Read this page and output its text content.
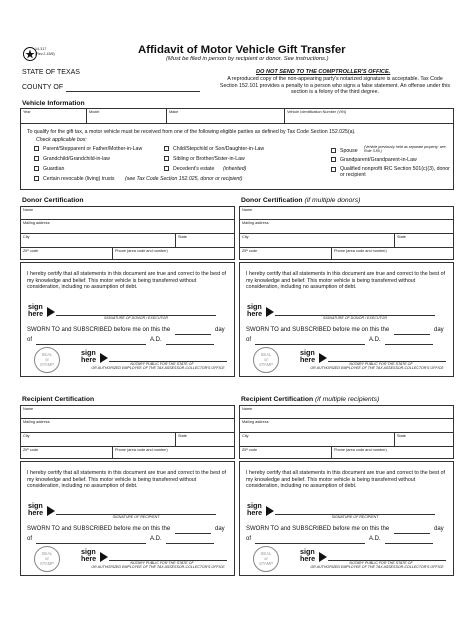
14-317
(Rev.2-15/6)	Affidavit of Motor Vehicle Gift Transfer
(Must be filed in person by recipient or donor. See instructions.)
STATE OF TEXAS
COUNTY OF
DO NOT SEND TO THE COMPTROLLER'S OFFICE.
A reproduced copy of the non-appearing party's notarized signature is acceptable. Tax Code Section 152.101 provides a penalty to a person who signs a false statement. An offense under this section is a felony of the third degree.
Vehicle Information
Year	Model	Make	Vehicle Identification Number (VIN)
To qualify for the gift tax, a motor vehicle must be received from one of the following eligible parties as defined by Tax Code Section 152.025(a).
Check applicable box:
Parent/Stepparent or Father/Mother-in-Law	Child/Stepchild or Son/Daughter-in-Law	Spouse
(Vehicle previously held as separate property; see Rule 3.80.)
Grandchild/Grandchild-in-law	Sibling or Brother/Sister-in-Law	Grandparent/Grandparent-in-Law
Guardian	Decedent's estate (inherited)	Qualified nonprofit IRC Section 501(c)(3), donor or recipient
Certain revocable (living) trusts (see Tax Code Section 152.025, donor or recipient)
Donor Certification
Name
Mailing address
City	State
ZIP code	Phone (area code and number)
I hereby certify that all statements in this document are true and correct to the best of my knowledge and belief. This motor vehicle is being transferred without consideration, including no assumption of debt.
sign
here	SIGNATURE OF DONOR / EXECUTOR
SWORN TO and SUBSCRIBED before me on this the	day
of	A.D.
SEAL
or
STAMP
sign
here	NOTARY PUBLIC FOR THE STATE OF
OR AUTHORIZED EMPLOYEE OF THE TAX ASSESSOR-COLLECTOR'S OFFICE
Donor Certification (if multiple donors)
Name
Mailing address
City	State
ZIP code	Phone (area code and number)
I hereby certify that all statements in this document are true and correct to the best of my knowledge and belief. This motor vehicle is being transferred without consideration, including no assumption of debt.
sign
here	SIGNATURE OF DONOR / EXECUTOR
SWORN TO and SUBSCRIBED before me on this the	day
of	A.D.
SEAL
or
STAMP
sign
here	NOTARY PUBLIC FOR THE STATE OF
OR AUTHORIZED EMPLOYEE OF THE TAX ASSESSOR-COLLECTOR'S OFFICE
Recipient Certification
Name
Mailing address
City	State
ZIP code	Phone (area code and number)
I hereby certify that all statements in this document are true and correct to the best of my knowledge and belief. This motor vehicle is being transferred without consideration, including no assumption of debt.
sign
here	SIGNATURE OF RECIPIENT
SWORN TO and SUBSCRIBED before me on this the	day
of	A.D.
SEAL
or
STAMP
sign
here	NOTARY PUBLIC FOR THE STATE OF
OR AUTHORIZED EMPLOYEE OF THE TAX ASSESSOR-COLLECTOR'S OFFICE
Recipient Certification (if multiple recipients)
Name
Mailing address
City	State
ZIP code	Phone (area code and number)
I hereby certify that all statements in this document are true and correct to the best of my knowledge and belief. This motor vehicle is being transferred without consideration, including no assumption of debt.
sign
here	SIGNATURE OF RECIPIENT
SWORN TO and SUBSCRIBED before me on this the	day
of	A.D.
SEAL
or
STAMP
sign
here	NOTARY PUBLIC FOR THE STATE OF
OR AUTHORIZED EMPLOYEE OF THE TAX ASSESSOR-COLLECTOR'S OFFICE
